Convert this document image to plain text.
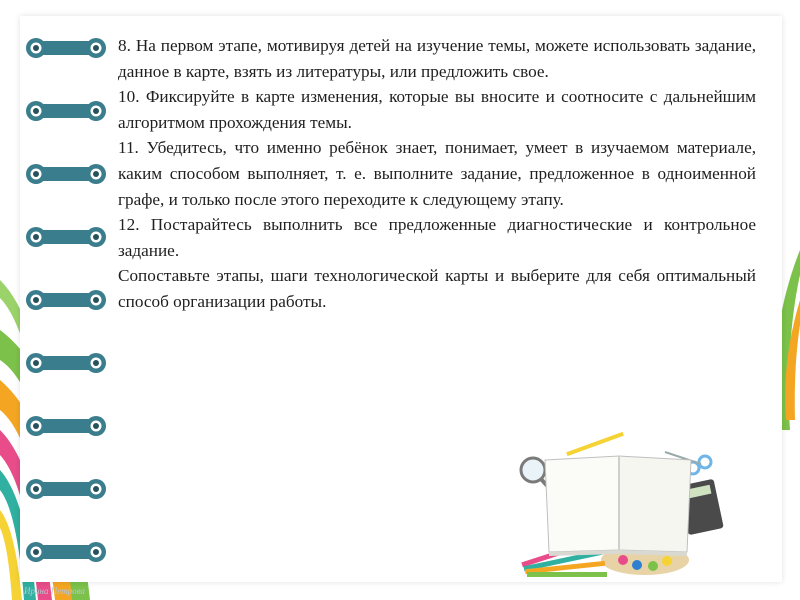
8. На первом этапе, мотивируя детей на изучение темы, можете использовать задание, данное в карте, взять из литературы, или предложить свое.

10. Фиксируйте в карте изменения, которые вы вносите и соотносите с дальнейшим алгоритмом прохождения темы.

11. Убедитесь, что именно ребёнок знает, понимает, умеет в изучаемом материале, каким способом выполняет, т. е. выполните задание, предложенное в одноименной графе, и только после этого переходите к следующему этапу.

12. Постарайтесь выполнить все предложенные диагностические и контрольное задание.

Сопоставьте этапы, шаги технологической карты и выберите для себя оптимальный способ организации работы.

Ирина Петрова
